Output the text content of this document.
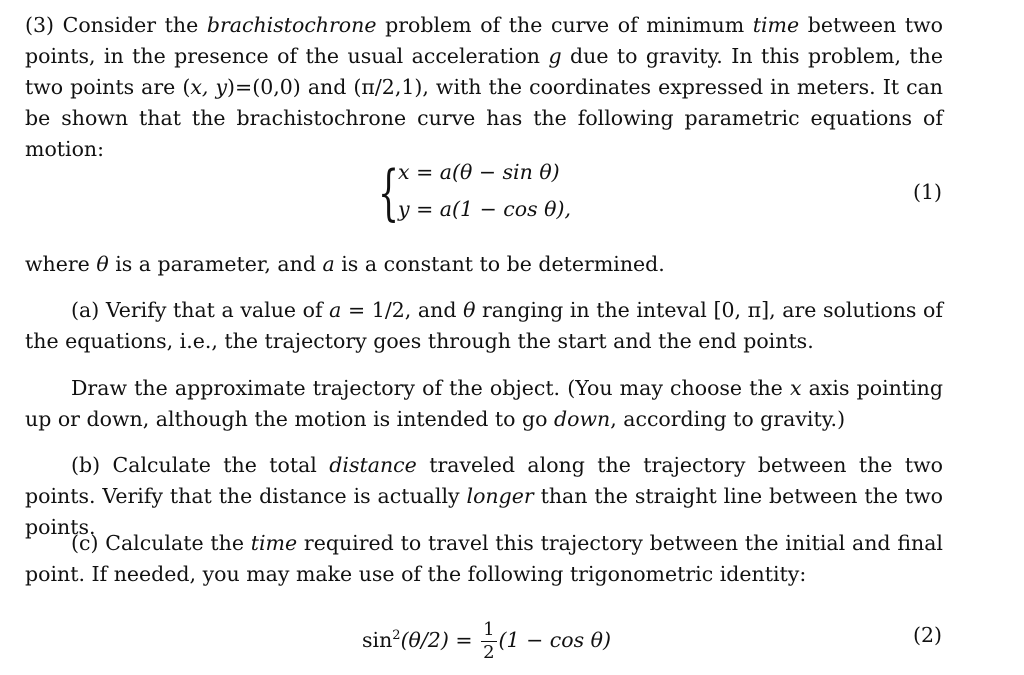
(3) Consider the brachistochrone problem of the curve of minimum time between two points, in the presence of the usual acceleration g due to gravity. In this problem, the two points are (x, y)=(0,0) and (π/2,1), with the coordinates expressed in meters. It can be shown that the brachistochrone curve has the following parametric equations of motion:

{
x = a(θ − sin θ)
y = a(1 − cos θ),
(1)

where θ is a parameter, and a is a constant to be determined.

(a) Verify that a value of a = 1/2, and θ ranging in the inteval [0, π], are solutions of the equations, i.e., the trajectory goes through the start and the end points.

Draw the approximate trajectory of the object. (You may choose the x axis pointing up or down, although the motion is intended to go down, according to gravity.)

(b) Calculate the total distance traveled along the trajectory between the two points. Verify that the distance is actually longer than the straight line between the two points.

(c) Calculate the time required to travel this trajectory between the initial and final point. If needed, you may make use of the following trigonometric identity:

$\sin^2(\theta/2) = \frac{1}{2} (1 - \cos \theta)$	(2)
